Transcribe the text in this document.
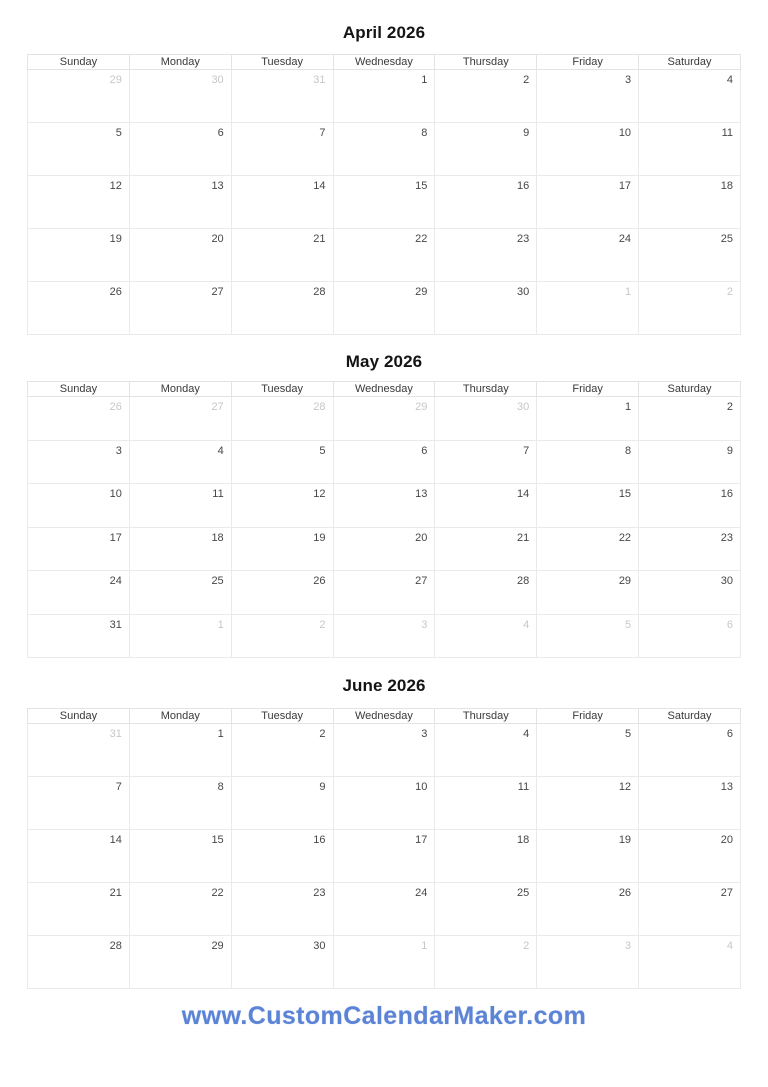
April 2026
Sunday	Monday	Tuesday	Wednesday	Thursday	Friday	Saturday
29	30	31	1	2	3	4
5	6	7	8	9	10	11
12	13	14	15	16	17	18
19	20	21	22	23	24	25
26	27	28	29	30	1	2
May 2026
Sunday	Monday	Tuesday	Wednesday	Thursday	Friday	Saturday
26	27	28	29	30	1	2
3	4	5	6	7	8	9
10	11	12	13	14	15	16
17	18	19	20	21	22	23
24	25	26	27	28	29	30
31	1	2	3	4	5	6
June 2026
Sunday	Monday	Tuesday	Wednesday	Thursday	Friday	Saturday
31	1	2	3	4	5	6
7	8	9	10	11	12	13
14	15	16	17	18	19	20
21	22	23	24	25	26	27
28	29	30	1	2	3	4
www.CustomCalendarMaker.com
